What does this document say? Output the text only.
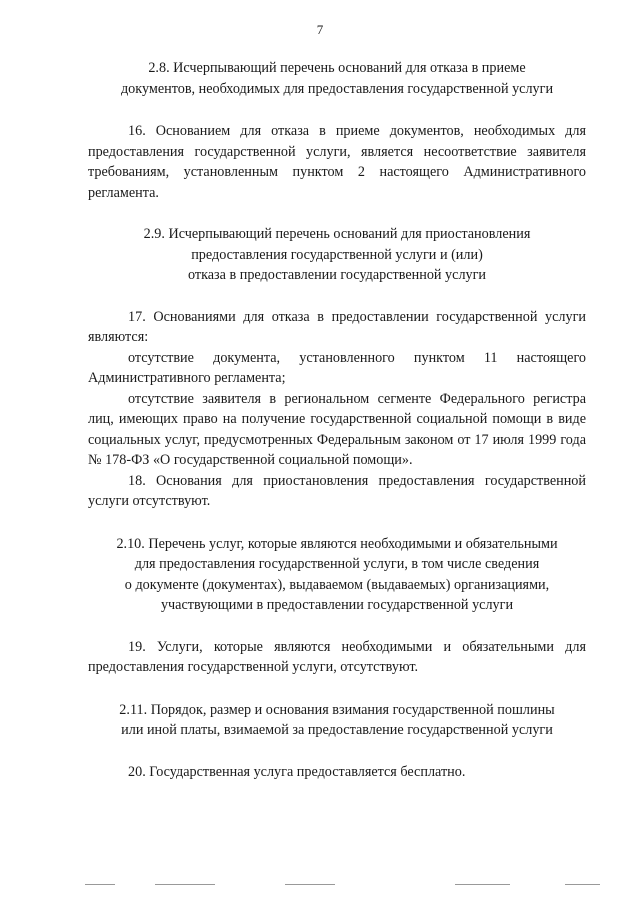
7

2.8. Исчерпывающий перечень оснований для отказа в приеме
документов, необходимых для предоставления государственной услуги

16. Основанием для отказа в приеме документов, необходимых для предоставления государственной услуги, является несоответствие заявителя требованиям, установленным пунктом 2 настоящего Административного регламента.

2.9. Исчерпывающий перечень оснований для приостановления
предоставления государственной услуги и (или)
отказа в предоставлении государственной услуги

17. Основаниями для отказа в предоставлении государственной услуги являются:

отсутствие документа, установленного пунктом 11 настоящего Административного регламента;

отсутствие заявителя в региональном сегменте Федерального регистра лиц, имеющих право на получение государственной социальной помощи в виде социальных услуг, предусмотренных Федеральным законом от 17 июля 1999 года № 178-ФЗ «О государственной социальной помощи».

18. Основания для приостановления предоставления государственной услуги отсутствуют.

2.10. Перечень услуг, которые являются необходимыми и обязательными
для предоставления государственной услуги, в том числе сведения
о документе (документах), выдаваемом (выдаваемых) организациями,
участвующими в предоставлении государственной услуги

19. Услуги, которые являются необходимыми и обязательными для предоставления государственной услуги, отсутствуют.

2.11. Порядок, размер и основания взимания государственной пошлины
или иной платы, взимаемой за предоставление государственной услуги

20. Государственная услуга предоставляется бесплатно.
